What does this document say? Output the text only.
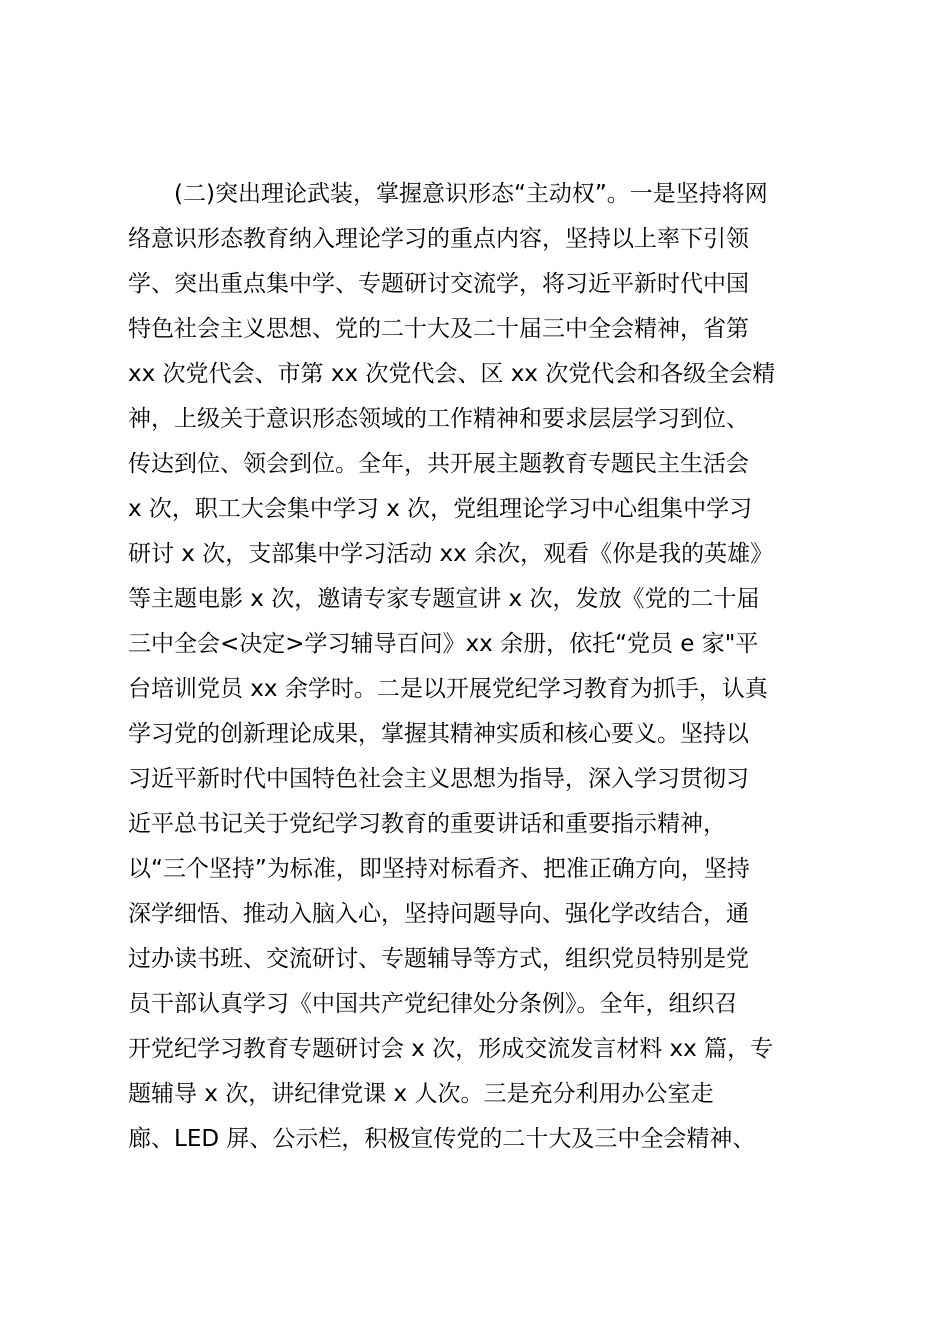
　　(二)突出理论武装，掌握意识形态“主动权”。一是坚持将网
络意识形态教育纳入理论学习的重点内容，坚持以上率下引领
学、突出重点集中学、专题研讨交流学，将习近平新时代中国
特色社会主义思想、党的二十大及二十届三中全会精神，省第
xx 次党代会、市第 xx 次党代会、区 xx 次党代会和各级全会精
神，上级关于意识形态领域的工作精神和要求层层学习到位、
传达到位、领会到位。全年，共开展主题教育专题民主生活会
x 次，职工大会集中学习 x 次，党组理论学习中心组集中学习
研讨 x 次，支部集中学习活动 xx 余次，观看《你是我的英雄》
等主题电影 x 次，邀请专家专题宣讲 x 次，发放《党的二十届
三中全会<决定>学习辅导百问》xx 余册，依托“党员 e 家"平
台培训党员 xx 余学时。二是以开展党纪学习教育为抓手，认真
学习党的创新理论成果，掌握其精神实质和核心要义。坚持以
习近平新时代中国特色社会主义思想为指导，深入学习贯彻习
近平总书记关于党纪学习教育的重要讲话和重要指示精神，
以“三个坚持”为标准，即坚持对标看齐、把准正确方向，坚持
深学细悟、推动入脑入心，坚持问题导向、强化学改结合，通
过办读书班、交流研讨、专题辅导等方式，组织党员特别是党
员干部认真学习《中国共产党纪律处分条例》。全年，组织召
开党纪学习教育专题研讨会 x 次，形成交流发言材料 xx 篇，专
题辅导 x 次，讲纪律党课 x 人次。三是充分利用办公室走
廊、LED 屏、公示栏，积极宣传党的二十大及三中全会精神、
